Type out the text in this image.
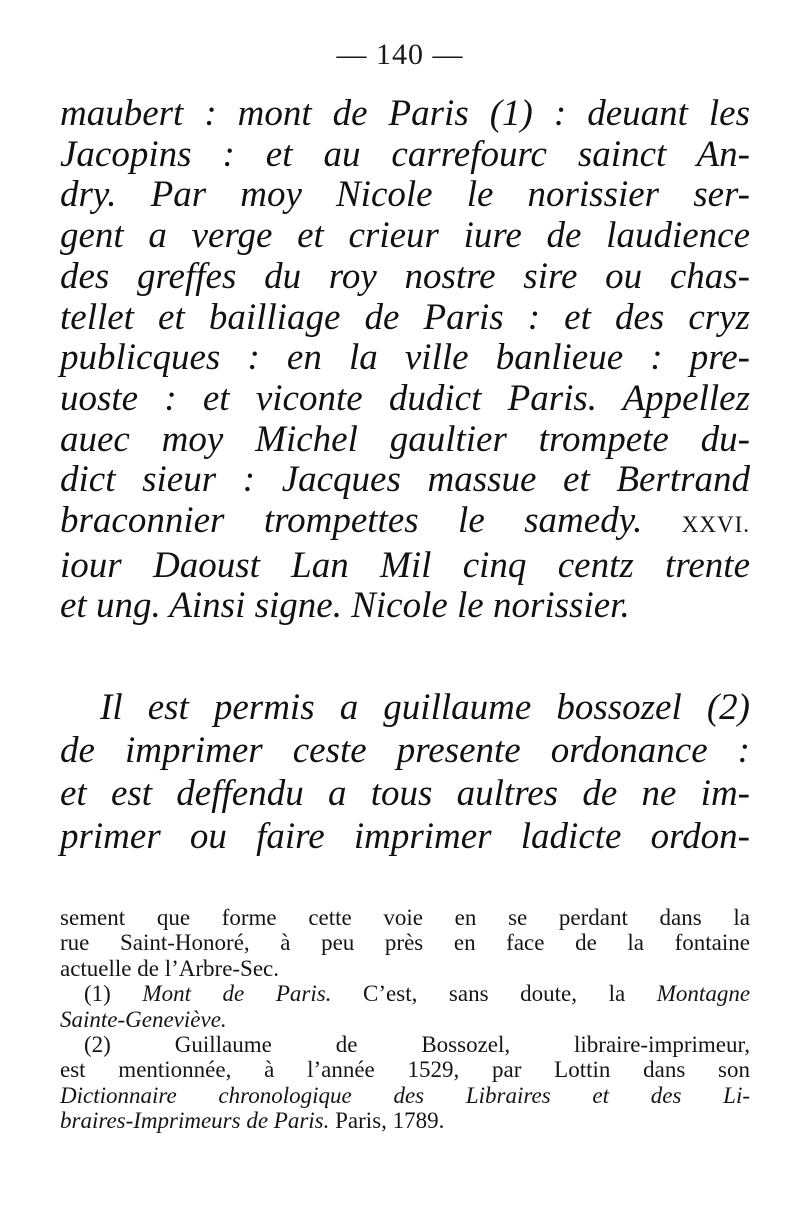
— 140 —
maubert : mont de Paris (1) : deuant les
Jacopins : et au carrefourc sainct An-
dry. Par moy Nicole le norissier ser-
gent a verge et crieur iure de laudience
des greffes du roy nostre sire ou chas-
tellet et bailliage de Paris : et des cryz
publicques : en la ville banlieue : pre-
uoste : et viconte dudict Paris. Appellez
auec moy Michel gaultier trompete du-
dict sieur : Jacques massue et Bertrand
braconnier trompettes le samedy. XXVI.
iour Daoust Lan Mil cinq centz trente
et ung. Ainsi signe. Nicole le norissier.
Il est permis a guillaume bossozel (2)
de imprimer ceste presente ordonance :
et est deffendu a tous aultres de ne im-
primer ou faire imprimer ladicte ordon-
sement que forme cette voie en se perdant dans la
rue Saint-Honoré, à peu près en face de la fontaine
actuelle de l’Arbre-Sec.
(1) Mont de Paris. C’est, sans doute, la Montagne
Sainte-Geneviève.
(2)	Guillaume de Bossozel, libraire-imprimeur,
est mentionnée, à l’année 1529, par Lottin dans son
Dictionnaire chronologique des Libraires et des Li-
braires-Imprimeurs de Paris. Paris, 1789.
